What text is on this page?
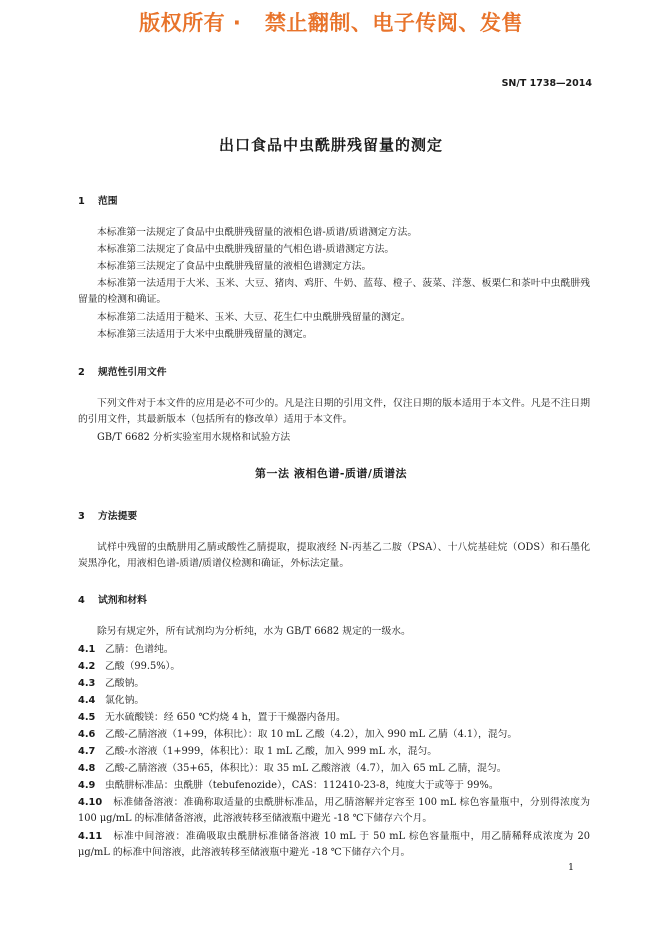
版权所有 ·   禁止翻制、电子传阅、发售
SN/T 1738—2014
出口食品中虫酰肼残留量的测定
1 范围

本标准第一法规定了食品中虫酰肼残留量的液相色谱-质谱/质谱测定方法。

本标准第二法规定了食品中虫酰肼残留量的气相色谱-质谱测定方法。

本标准第三法规定了食品中虫酰肼残留量的液相色谱测定方法。

本标准第一法适用于大米、玉米、大豆、猪肉、鸡肝、牛奶、蓝莓、橙子、菠菜、洋葱、板栗仁和茶叶中虫酰肼残留量的检测和确证。

本标准第二法适用于糙米、玉米、大豆、花生仁中虫酰肼残留量的测定。

本标准第三法适用于大米中虫酰肼残留量的测定。

2 规范性引用文件

下列文件对于本文件的应用是必不可少的。凡是注日期的引用文件，仅注日期的版本适用于本文件。凡是不注日期的引用文件，其最新版本（包括所有的修改单）适用于本文件。

GB/T 6682 分析实验室用水规格和试验方法

第一法 液相色谱-质谱/质谱法
3 方法提要

试样中残留的虫酰肼用乙腈或酸性乙腈提取，提取液经 N-丙基乙二胺（PSA）、十八烷基硅烷（ODS）和石墨化炭黑净化，用液相色谱-质谱/质谱仪检测和确证，外标法定量。

4 试剂和材料

除另有规定外，所有试剂均为分析纯，水为 GB/T 6682 规定的一级水。

4.1 乙腈：色谱纯。

4.2 乙酸（99.5%）。

4.3 乙酸钠。

4.4 氯化钠。

4.5 无水硫酸镁：经 650 ℃灼烧 4 h，置于干燥器内备用。

4.6 乙酸-乙腈溶液（1+99，体积比）：取 10 mL 乙酸（4.2），加入 990 mL 乙腈（4.1），混匀。

4.7 乙酸-水溶液（1+999，体积比）：取 1 mL 乙酸，加入 999 mL 水，混匀。

4.8 乙酸-乙腈溶液（35+65，体积比）：取 35 mL 乙酸溶液（4.7），加入 65 mL 乙腈，混匀。

4.9 虫酰肼标准品：虫酰肼（tebufenozide），CAS：112410-23-8，纯度大于或等于 99%。

4.10 标准储备溶液：准确称取适量的虫酰肼标准品，用乙腈溶解并定容至 100 mL 棕色容量瓶中，分别得浓度为 100 μg/mL 的标准储备溶液，此溶液转移至储液瓶中避光 -18 ℃下储存六个月。

4.11 标准中间溶液：准确吸取虫酰肼标准储备溶液 10 mL 于 50 mL 棕色容量瓶中，用乙腈稀释成浓度为 20 μg/mL 的标准中间溶液，此溶液转移至储液瓶中避光 -18 ℃下储存六个月。

1
